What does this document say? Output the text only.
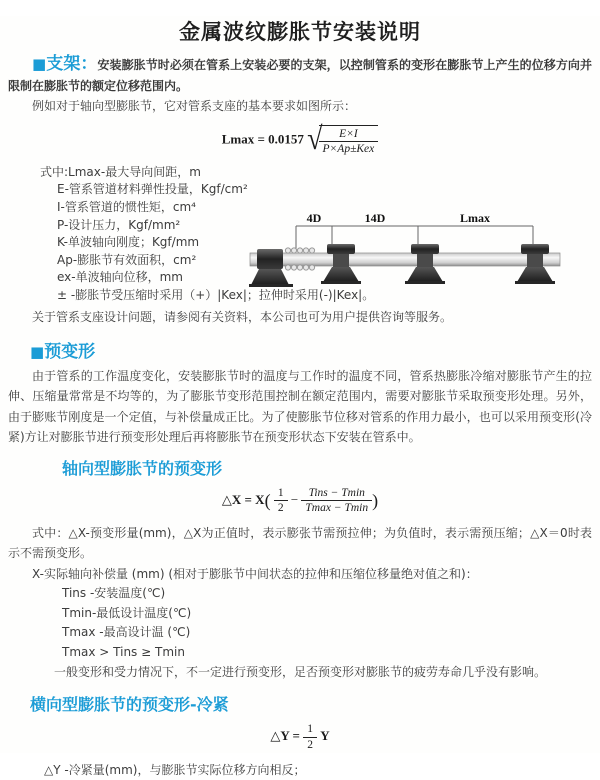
金属波纹膨胀节安装说明

■支架：安装膨胀节时必须在管系上安装必要的支架，以控制管系的变形在膨胀节上产生的位移方向并限制在膨胀节的额定位移范围内。

例如对于轴向型膨胀节，它对管系支座的基本要求如图所示：

Lmax = 0.0157 √
$\frac{E\times I}{\text{P×Ap±Kex}}$
式中:Lmax-最大导向间距，m
E-管系管道材料弹性投量，Kgf/cm²
I-管系管道的惯性矩，cm⁴
P-设计压力，Kgf/mm²
K-单波轴向刚度；Kgf/mm
Ap-膨胀节有效面积，cm²
ex-单波轴向位移，mm
± -膨胀节受压缩时采用（+）|Kex|；拉伸时采用(-)|Kex|。

关于管系支座设计问题，请参阅有关资料，本公司也可为用户提供咨询等服务。

4D	14D	Lmax
■预变形

由于管系的工作温度变化，安装膨胀节时的温度与工作时的温度不同，管系热膨胀冷缩对膨胀节产生的拉伸、压缩量常常是不均等的，为了膨胀节变形范围控制在额定范围内，需要对膨胀节采取预变形处理。另外，由于膨账节刚度是一个定值，与补偿量成正比。为了使膨胀节位移对管系的作用力最小，也可以采用预变形(冷紧)方让对膨胀节进行预变形处理后再将膨胀节在预变形状态下安装在管系中。

轴向型膨胀节的预变形
△X = $X( \frac{1}{2} - \frac{\text{Tins − Tmin}}{Tmax - Tmin}$ )

式中：△X-预变形量(mm)，△X为正值时，表示膨张节需预拉伸；为负值时，表示需预压缩；△X＝0时表示不需预变形。

X-实际轴向补偿量 (mm) (相对于膨胀节中间状态的拉伸和压缩位移量绝对值之和)：

Tins -安装温度(℃)
Tmin-最低设计温度(℃)
Tmax -最高设计温 (℃)
Tmax > Tins ≥ Tmin

一般变形和受力情况下，不一定进行预变形，足否预变形对膨胀节的疲劳寿命几乎没有影响。

横向型膨胀节的预变形-冷紧
△Y = $\frac{1}{2}$ Y

△Y -冷紧量(mm)，与膨胀节实际位移方向相反；
